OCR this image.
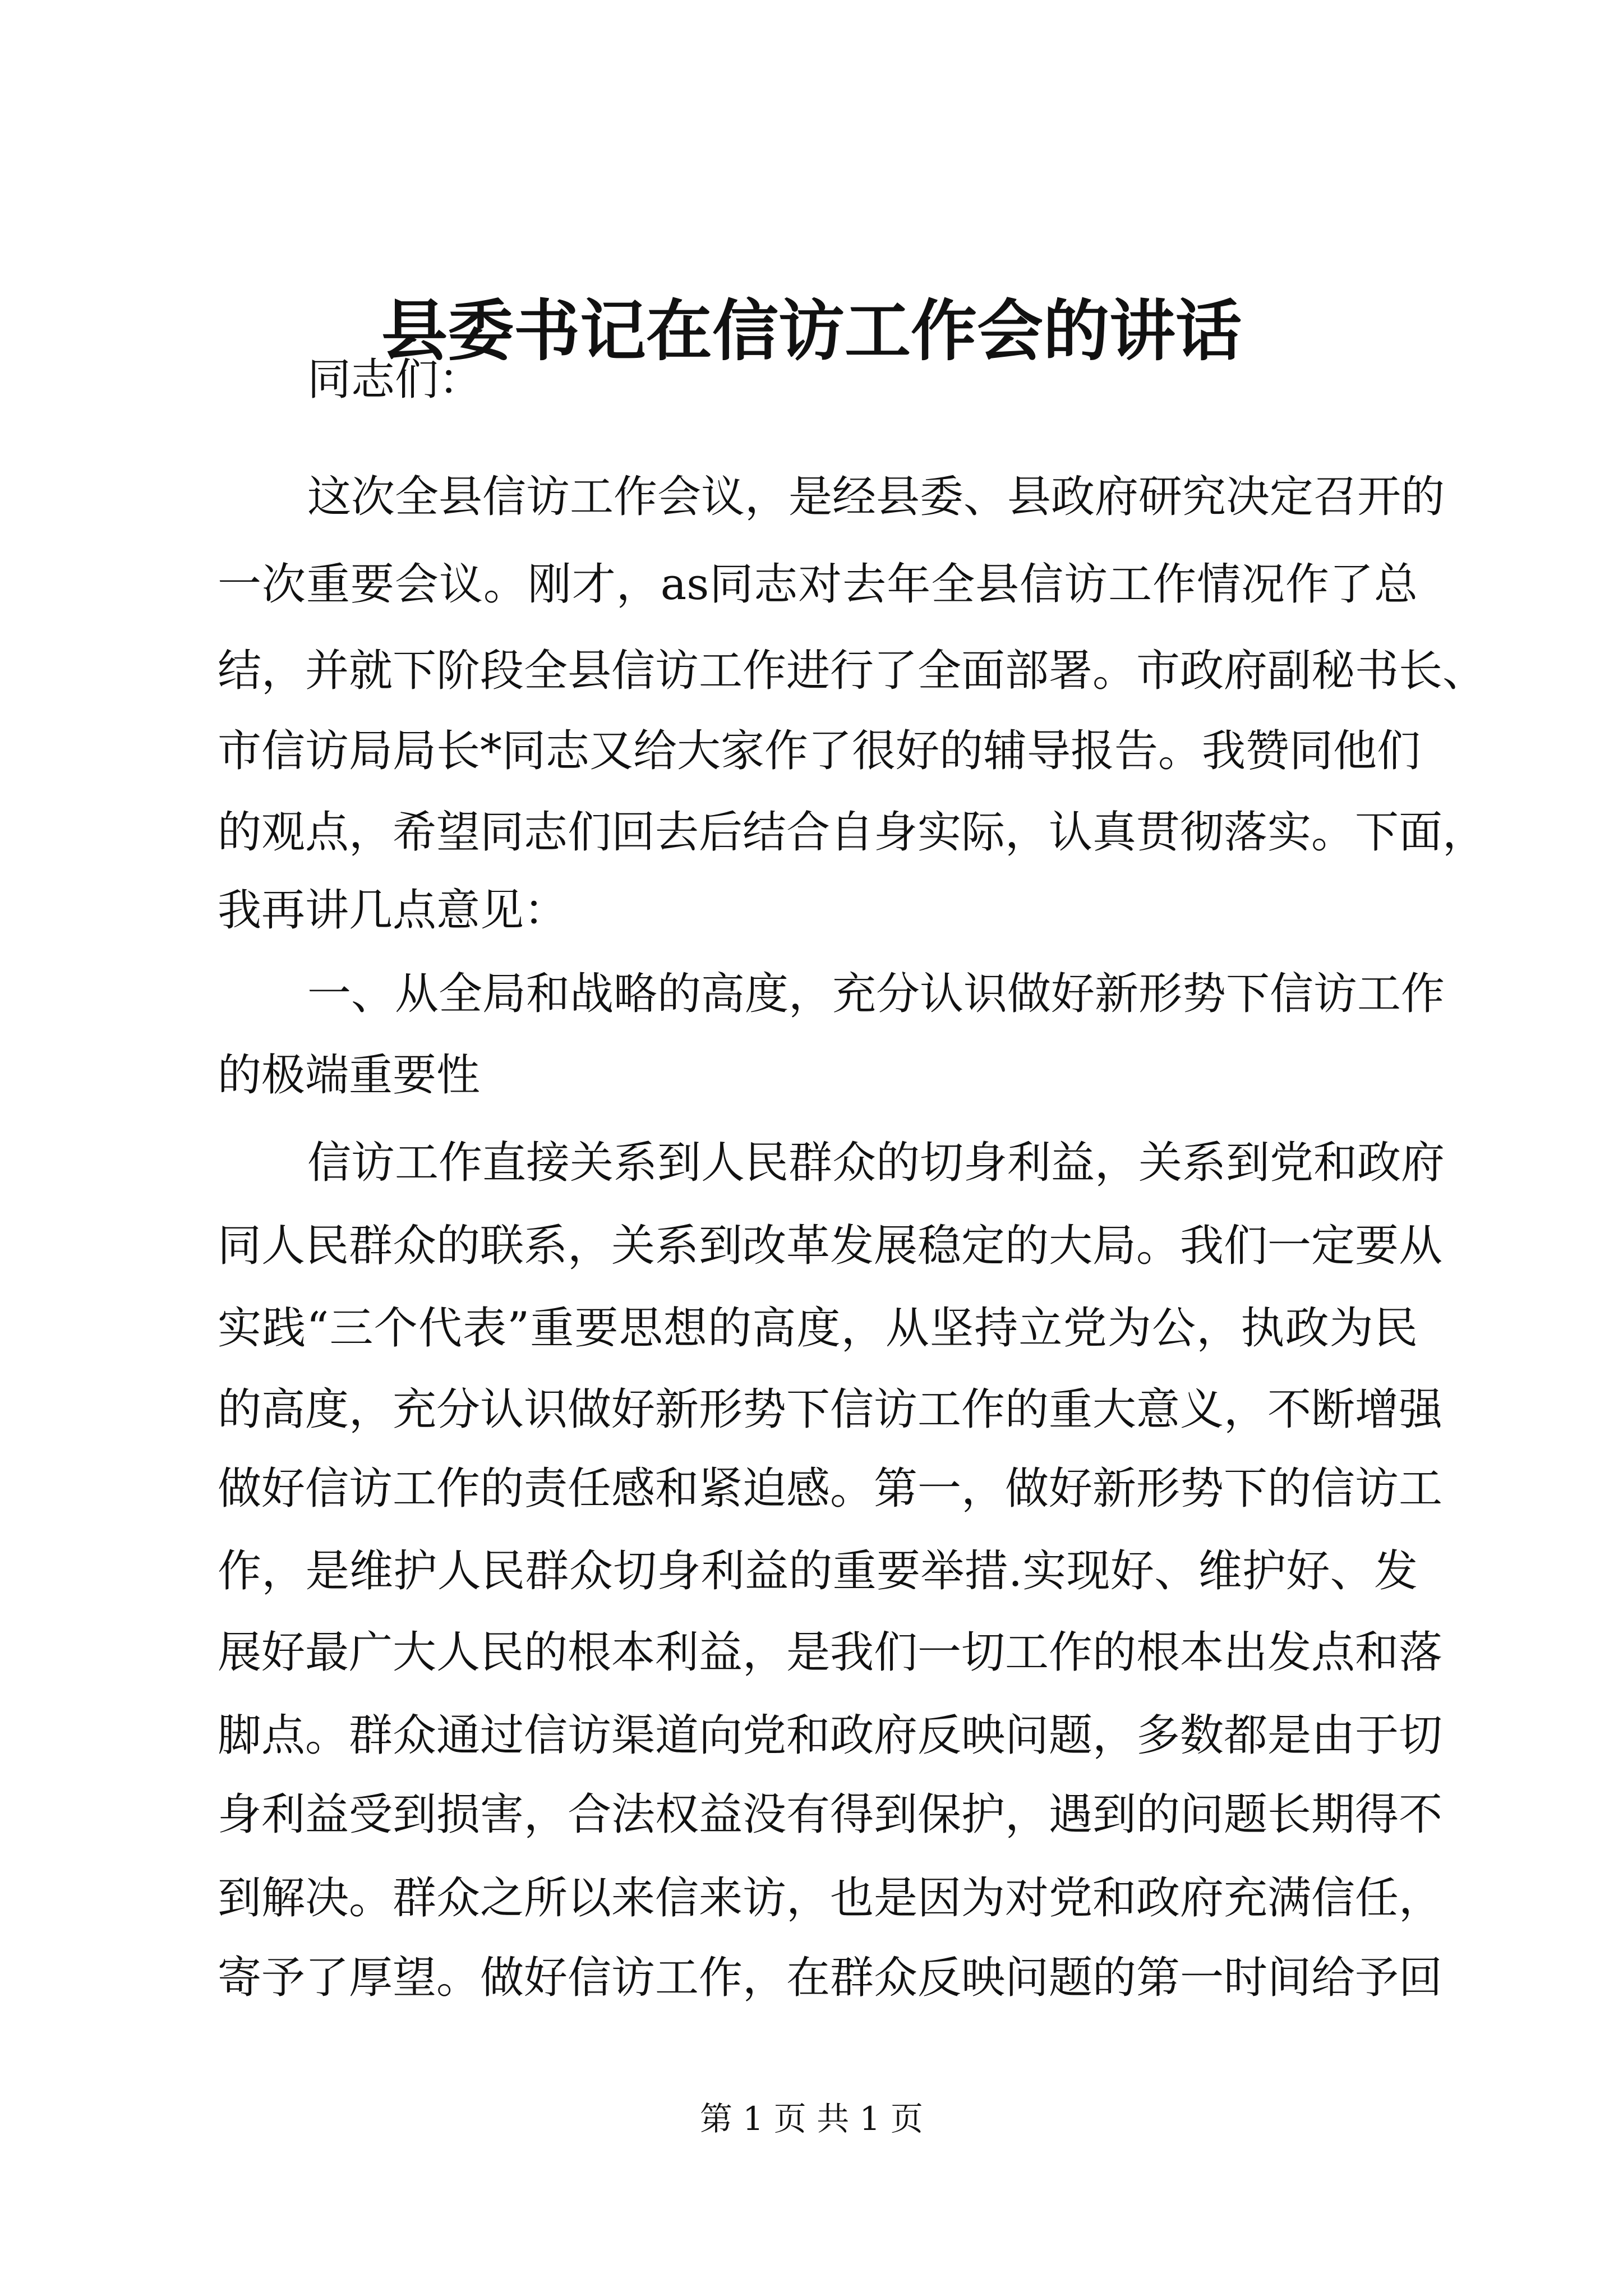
县委书记在信访工作会的讲话
同志们：
这次全县信访工作会议，是经县委、县政府研究决定召开的
一次重要会议。刚才，as同志对去年全县信访工作情况作了总
结，并就下阶段全县信访工作进行了全面部署。市政府副秘书长、
市信访局局长*同志又给大家作了很好的辅导报告。我赞同他们
的观点，希望同志们回去后结合自身实际，认真贯彻落实。下面，
我再讲几点意见：
一、从全局和战略的高度，充分认识做好新形势下信访工作
的极端重要性
信访工作直接关系到人民群众的切身利益，关系到党和政府
同人民群众的联系，关系到改革发展稳定的大局。我们一定要从
实践“三个代表”重要思想的高度，从坚持立党为公，执政为民
的高度，充分认识做好新形势下信访工作的重大意义，不断增强
做好信访工作的责任感和紧迫感。第一，做好新形势下的信访工
作，是维护人民群众切身利益的重要举措.实现好、维护好、发
展好最广大人民的根本利益，是我们一切工作的根本出发点和落
脚点。群众通过信访渠道向党和政府反映问题，多数都是由于切
身利益受到损害，合法权益没有得到保护，遇到的问题长期得不
到解决。群众之所以来信来访，也是因为对党和政府充满信任，
寄予了厚望。做好信访工作，在群众反映问题的第一时间给予回
第 1 页 共 1 页
